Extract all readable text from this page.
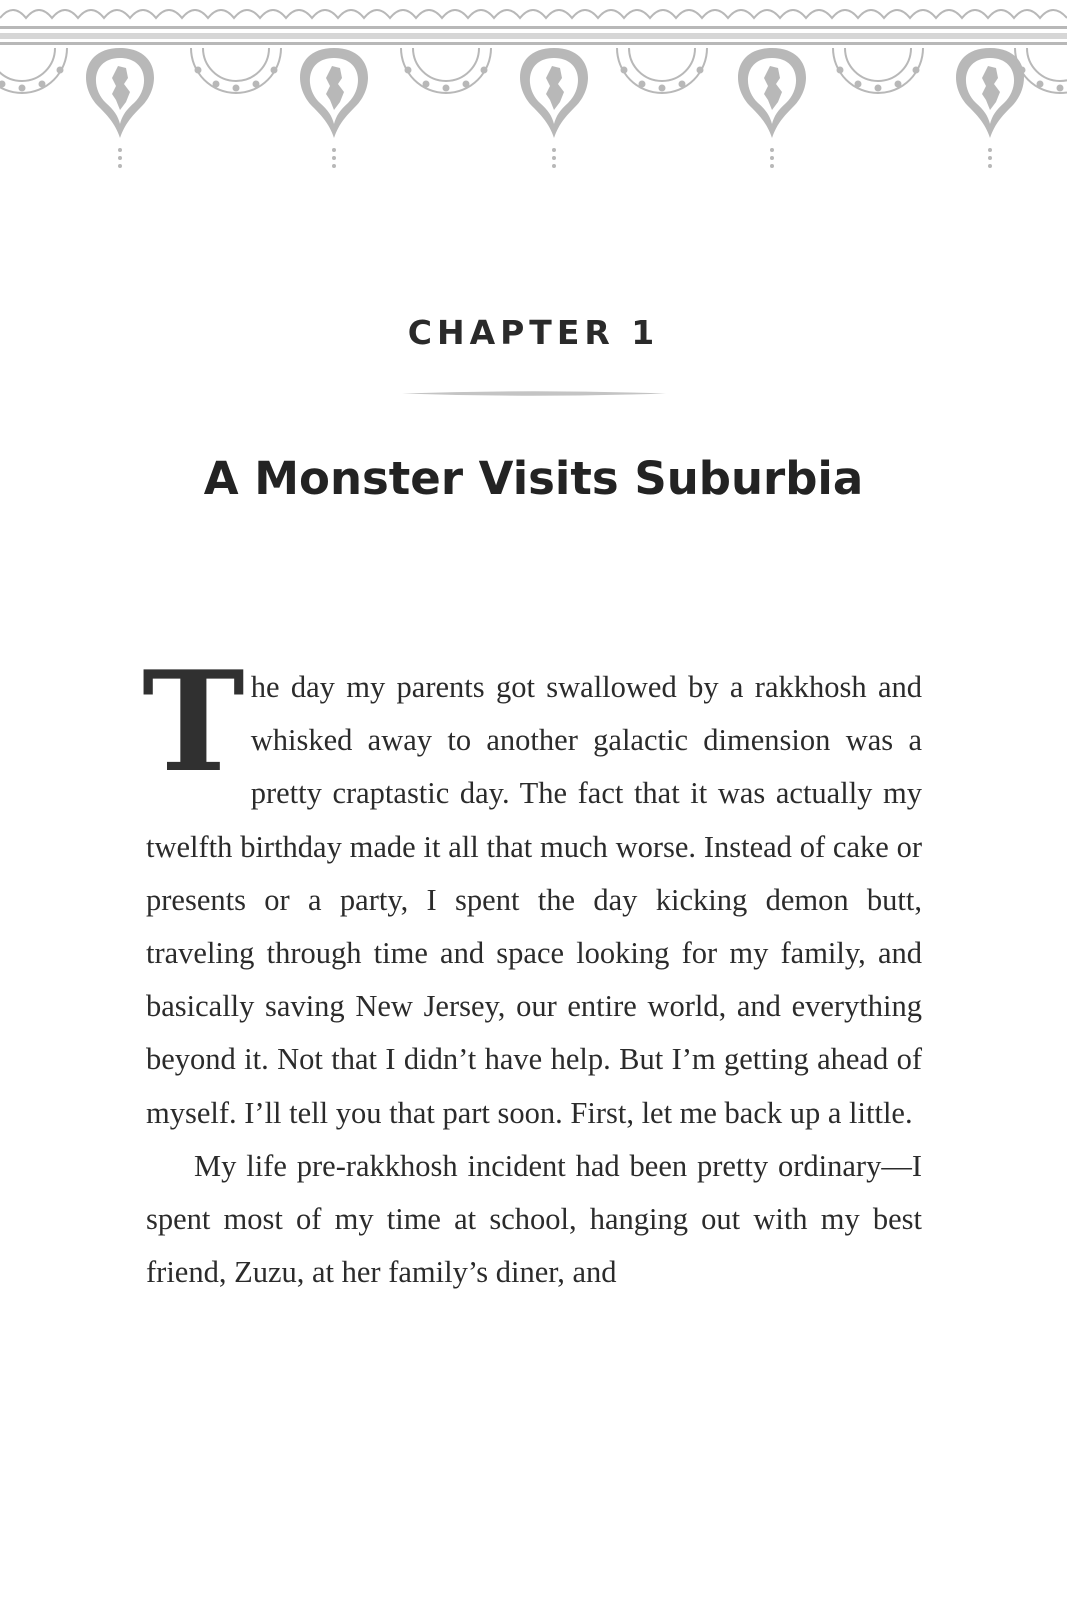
CHAPTER 1
A Monster Visits Suburbia

The day my parents got swallowed by a rakkhosh and whisked away to another galactic dimension was a pretty craptastic day. The fact that it was actually my twelfth birthday made it all that much worse. Instead of cake or presents or a party, I spent the day kicking demon butt, traveling through time and space looking for my family, and basically saving New Jersey, our entire world, and everything beyond it. Not that I didn’t have help. But I’m getting ahead of myself. I’ll tell you that part soon. First, let me back up a little.

My life pre-rakkhosh incident had been pretty ordinary—I spent most of my time at school, hanging out with my best friend, Zuzu, at her family’s diner, and
